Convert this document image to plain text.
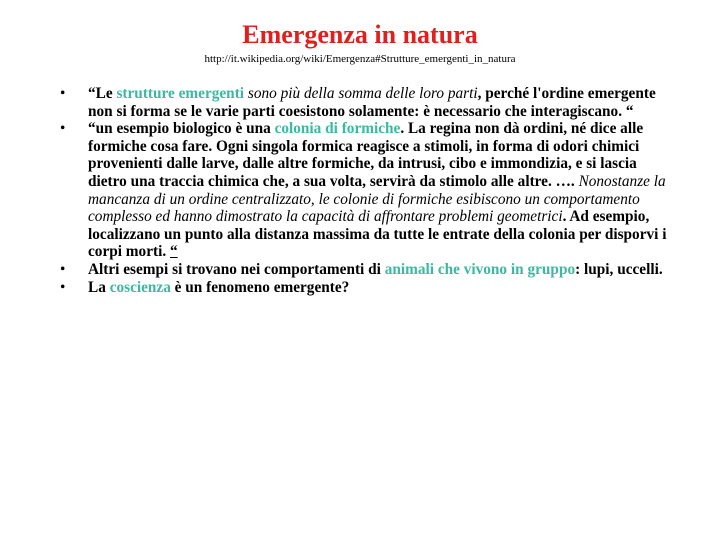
Emergenza in natura
http://it.wikipedia.org/wiki/Emergenza#Strutture_emergenti_in_natura
• “Le strutture emergenti sono più della somma delle loro parti, perché l'ordine emergente non si forma se le varie parti coesistono solamente: è necessario che interagiscano. “
• “un esempio biologico è una colonia di formiche. La regina non dà ordini, né dice alle formiche cosa fare. Ogni singola formica reagisce a stimoli, in forma di odori chimici provenienti dalle larve, dalle altre formiche, da intrusi, cibo e immondizia, e si lascia dietro una traccia chimica che, a sua volta, servirà da stimolo alle altre. …. Nonostanze la mancanza di un ordine centralizzato, le colonie di formiche esibiscono un comportamento complesso ed hanno dimostrato la capacità di affrontare problemi geometrici. Ad esempio, localizzano un punto alla distanza massima da tutte le entrate della colonia per disporvi i corpi morti. “
• Altri esempi si trovano nei comportamenti di animali che vivono in gruppo: lupi, uccelli.
• La coscienza è un fenomeno emergente?
